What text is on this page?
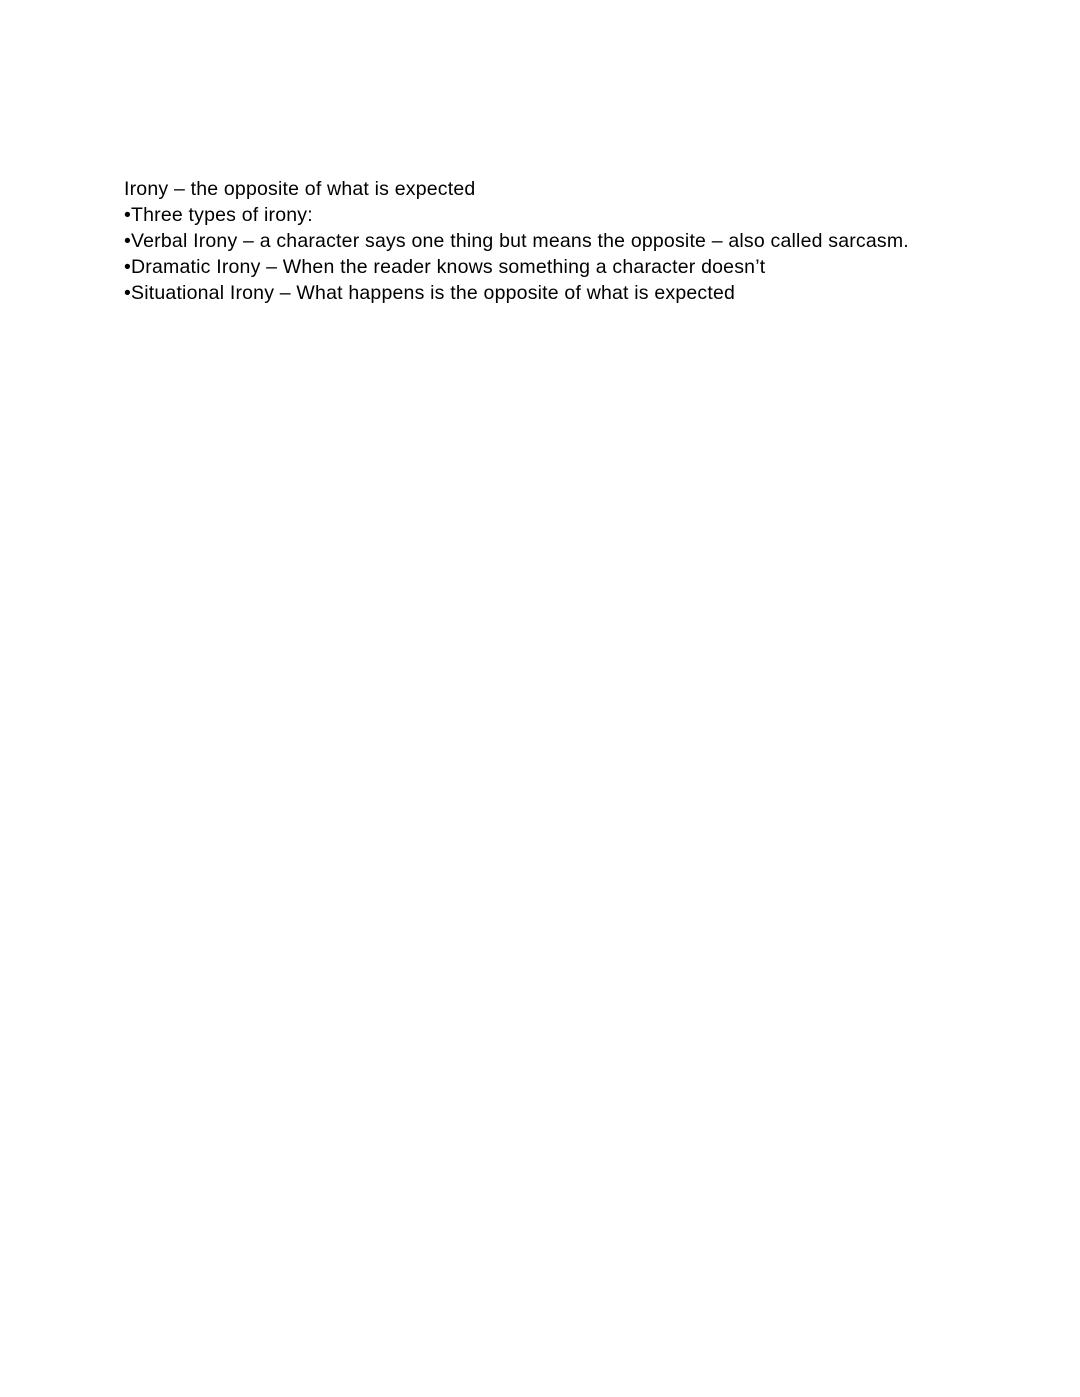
Irony – the opposite of what is expected
•Three types of irony:
•Verbal Irony – a character says one thing but means the opposite – also called sarcasm.
•Dramatic Irony – When the reader knows something a character doesn’t
•Situational Irony – What happens is the opposite of what is expected
